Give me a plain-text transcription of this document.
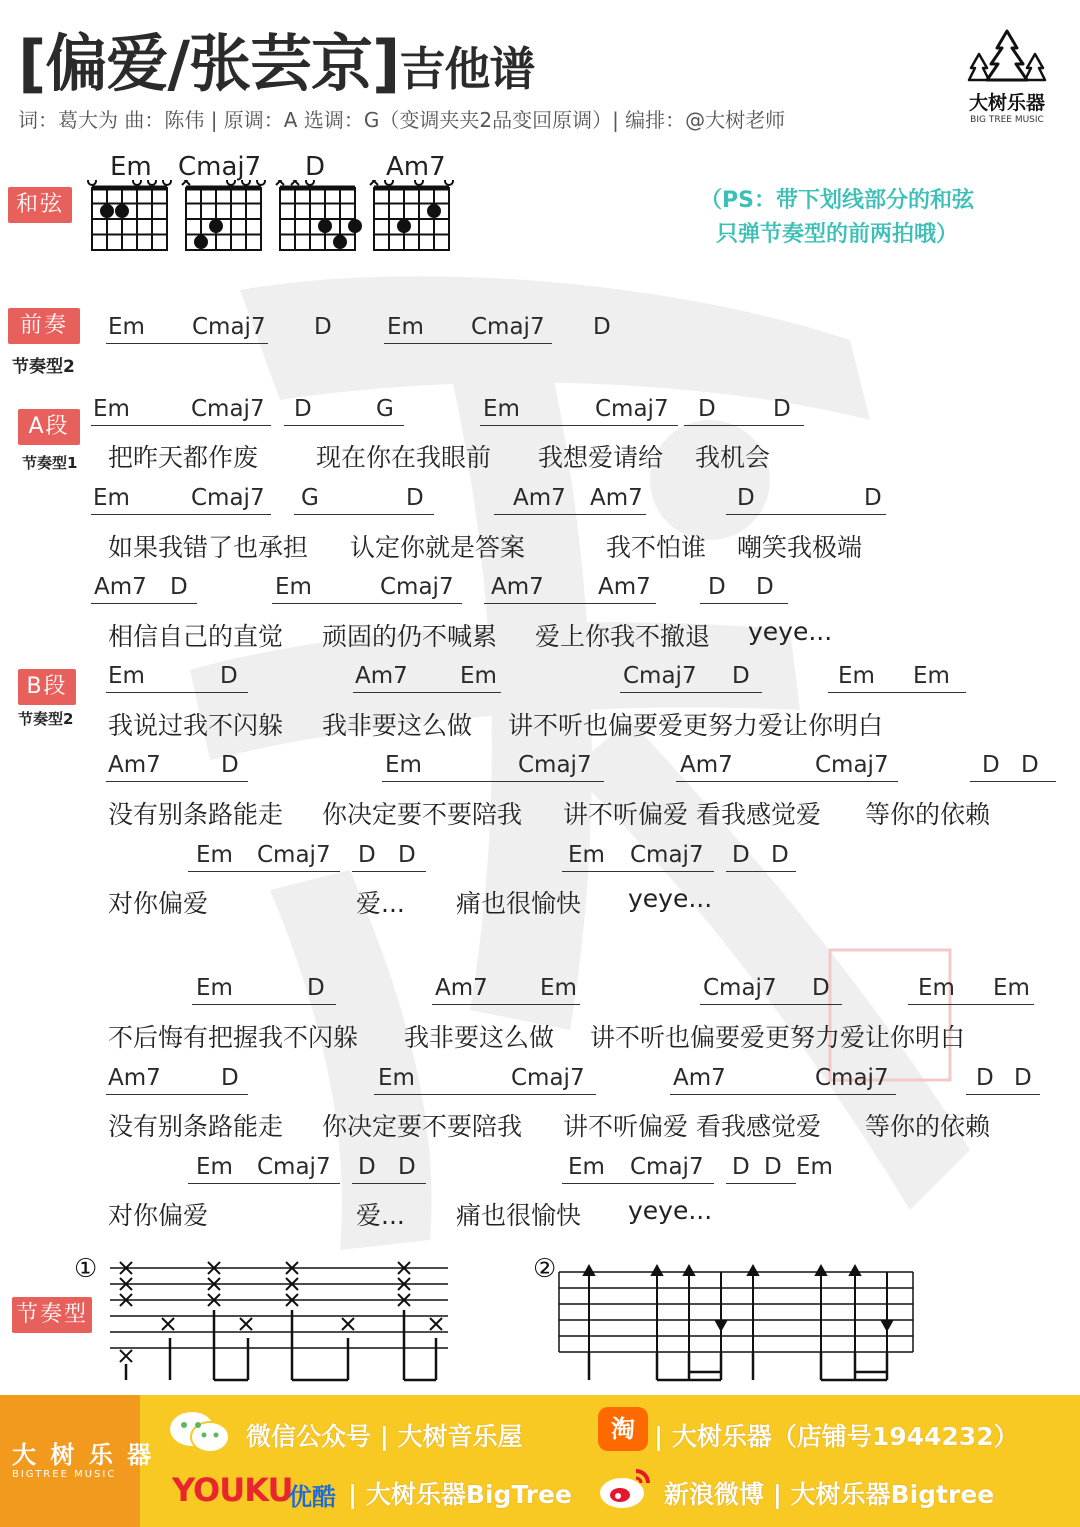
[偏爱/张芸京]吉他谱
词：葛大为 曲：陈伟 | 原调：A 选调：G（变调夹夹2品变回原调）| 编排：@大树老师
大树乐器
BIG TREE MUSIC
和弦
Em Cmaj7 D Am7
（PS：带下划线部分的和弦
只弹节奏型的前两拍哦）
前奏
节奏型2
A段
节奏型1
B段
节奏型2
Em Cmaj7 D Em Cmaj7 D
Em	Cmaj7 D	G	Em	Cmaj7 D D
把昨天都作废 现在你在我眼前 我想爱请给 我机会
Em	Cmaj7 G	D	Am7 Am7	D	D
如果我错了也承担 认定你就是答案	我不怕谁 嘲笑我极端
Am7 D	Em	Cmaj7 Am7 Am7 D D
相信自己的直觉 顽固的仍不喊累 爱上你我不撤退 yeye...
Em	D	Am7 Em	Cmaj7 D	Em Em
我说过我不闪躲 我非要这么做 讲不听也偏要爱更努力爱让你明白
Am7	D	Em	Cmaj7	Am7	Cmaj7	D D
没有别条路能走 你决定要不要陪我 讲不听偏爱 看我感觉爱 等你的依赖
Em Cmaj7 D D	Em Cmaj7 D D
对你偏爱	爱... 痛也很愉快 yeye...
Em	D	Am7 Em	Cmaj7 D	Em Em
不后悔有把握我不闪躲 我非要这么做 讲不听也偏要爱更努力爱让你明白
Am7	D	Em	Cmaj7	Am7	Cmaj7	D D
没有别条路能走 你决定要不要陪我 讲不听偏爱 看我感觉爱 等你的依赖
Em Cmaj7 D D	Em Cmaj7 D D Em
对你偏爱	爱... 痛也很愉快 yeye...
节奏型
①	②
大 树 乐 器
BIGTREE MUSIC
微信公众号 | 大树音乐屋	淘 | 大树乐器（店铺号1944232）
YOUKU
优酷 | 大树乐器BigTree	新浪微博 | 大树乐器Bigtree
